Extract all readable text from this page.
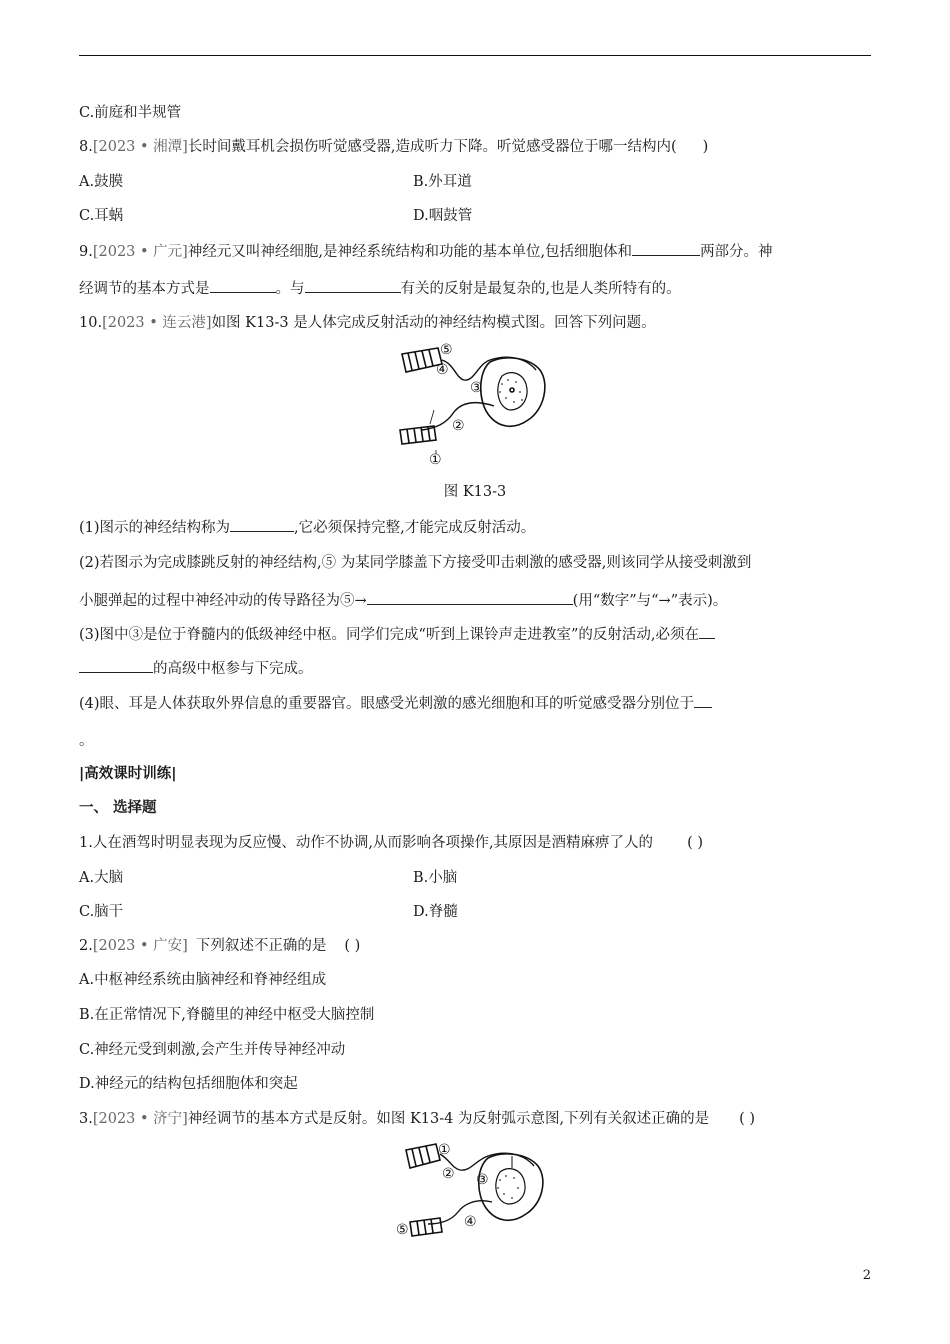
C.前庭和半规管
8.[2023 • 湘潭]长时间戴耳机会损伤听觉感受器,造成听力下降。听觉感受器位于哪一结构内( )
A.鼓膜	B.外耳道
C.耳蜗	D.咽鼓管
9.[2023 • 广元]神经元又叫神经细胞,是神经系统结构和功能的基本单位,包括细胞体和	两部分。神
经调节的基本方式是	。与	有关的反射是最复杂的,也是人类所特有的。
10.[2023 • 连云港]如图 K13-3 是人体完成反射活动的神经结构模式图。回答下列问题。
⑤
④
③
②
①
图 K13-3
(1)图示的神经结构称为	,它必须保持完整,才能完成反射活动。
(2)若图示为完成膝跳反射的神经结构,⑤ 为某同学膝盖下方接受叩击刺激的感受器,则该同学从接受刺激到
小腿弹起的过程中神经冲动的传导路径为⑤→	(用“数字”与“→”表示)。
(3)图中③是位于脊髓内的低级神经中枢。同学们完成“听到上课铃声走进教室”的反射活动,必须在
的高级中枢参与下完成。
(4)眼、耳是人体获取外界信息的重要器官。眼感受光刺激的感光细胞和耳的听觉感受器分别位于
。
|高效课时训练|
一、 选择题
1.人在酒驾时明显表现为反应慢、动作不协调,从而影响各项操作,其原因是酒精麻痹了人的 ( )
A.大脑	B.小脑
C.脑干	D.脊髓
2.[2023 • 广安] 下列叙述不正确的是 ( )
A.中枢神经系统由脑神经和脊神经组成
B.在正常情况下,脊髓里的神经中枢受大脑控制
C.神经元受到刺激,会产生并传导神经冲动
D.神经元的结构包括细胞体和突起
3.[2023 • 济宁]神经调节的基本方式是反射。如图 K13-4 为反射弧示意图,下列有关叙述正确的是 ( )
①
② ③
④
⑤
2
